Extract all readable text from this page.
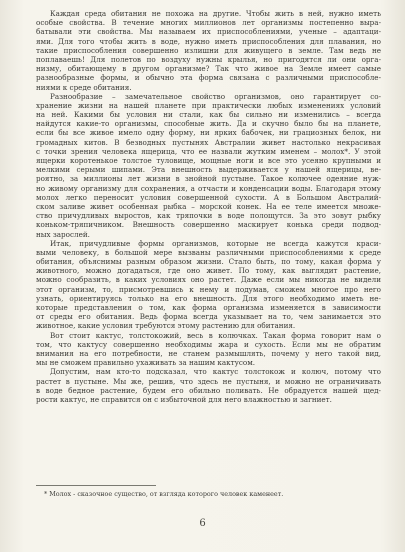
Каждая среда обитания не похожа на другие. Чтобы жить в ней, нужно иметь
особые свойства. В течение многих миллионов лет организмы постепенно выра-
батывали эти свойства. Мы называем их приспособлениями, ученые – адаптаци-
ями. Для того чтобы жить в воде, нужно иметь приспособления для плавания, но
такие приспособления совершенно излишни для живущего в земле. Там ведь не
поплаваешь! Для полетов по воздуху нужны крылья, но пригодятся ли они орга-
низму, обитающему в другом организме? Так что живое на Земле имеет самые
разнообразные формы, и обычно эта форма связана с различными приспособле-
ниями к среде обитания.
Разнообразие – замечательное свойство организмов, оно гарантирует со-
хранение жизни на нашей планете при практически любых изменениях условий
на ней. Какими бы условия ни стали, как бы сильно ни изменились – всегда
найдутся какие-то организмы, способные жить. Да и скучно было бы на планете,
если бы все живое имело одну форму, ни ярких бабочек, ни грациозных белок, ни
громадных китов. В безводных пустынях Австралии живет настолько некрасивая
с точки зрения человека ящерица, что ее назвали жутким именем – молох*. У этой
ящерки коротенькое толстое туловище, мощные ноги и все это усеяно крупными и
мелкими серыми шипами. Эта внешность выдерживается у нашей ящерицы, ве-
роятно, за миллионы лет жизни в знойной пустыне. Такое колючее одеяние нуж-
но живому организму для сохранения, а отчасти и конденсации воды. Благодаря этому
молох легко переносит условия совершенной сухости. А в Большом Австралий-
ском заливе живет особенная рыбка – морской конек. На ее теле имеется множе-
ство причудливых выростов, как тряпочки в воде полощутся. За это зовут рыбку
коньком-тряпичником. Внешность совершенно маскирует конька среди подвод-
ных зарослей.
Итак, причудливые формы организмов, которые не всегда кажутся краси-
выми человеку, в большой мере вызваны различными приспособлениями к среде
обитания, объяснимы разным образом жизни. Стало быть, по тому, какая форма у
животного, можно догадаться, где оно живет. По тому, как выглядит растение,
можно сообразить, в каких условиях оно растет. Даже если мы никогда не видели
этот организм, то, присмотревшись к нему и подумав, сможем многое про него
узнать, ориентируясь только на его внешность. Для этого необходимо иметь не-
которые представления о том, как форма организма изменяется в зависимости
от среды его обитания. Ведь форма всегда указывает на то, чем занимается это
животное, какие условия требуются этому растению для обитания.
Вот стоит кактус, толстокожий, весь в колючках. Такая форма говорит нам о
том, что кактусу совершенно необходимы жара и сухость. Если мы не обратим
внимания на его потребности, не станем размышлять, почему у него такой вид,
мы не сможем правильно ухаживать за нашим кактусом.
Допустим, нам кто-то подсказал, что кактус толстокож и колюч, потому что
растет в пустыне. Мы же, решив, что здесь не пустыня, и можно не ограничивать
в воде бедное растение, будем его обильно поливать. Не обрадуется нашей щед-
рости кактус, не справится он с избыточной для него влажностью и загниет.
* Молох - сказочное существо, от взгляда которого человек каменеет.
6
